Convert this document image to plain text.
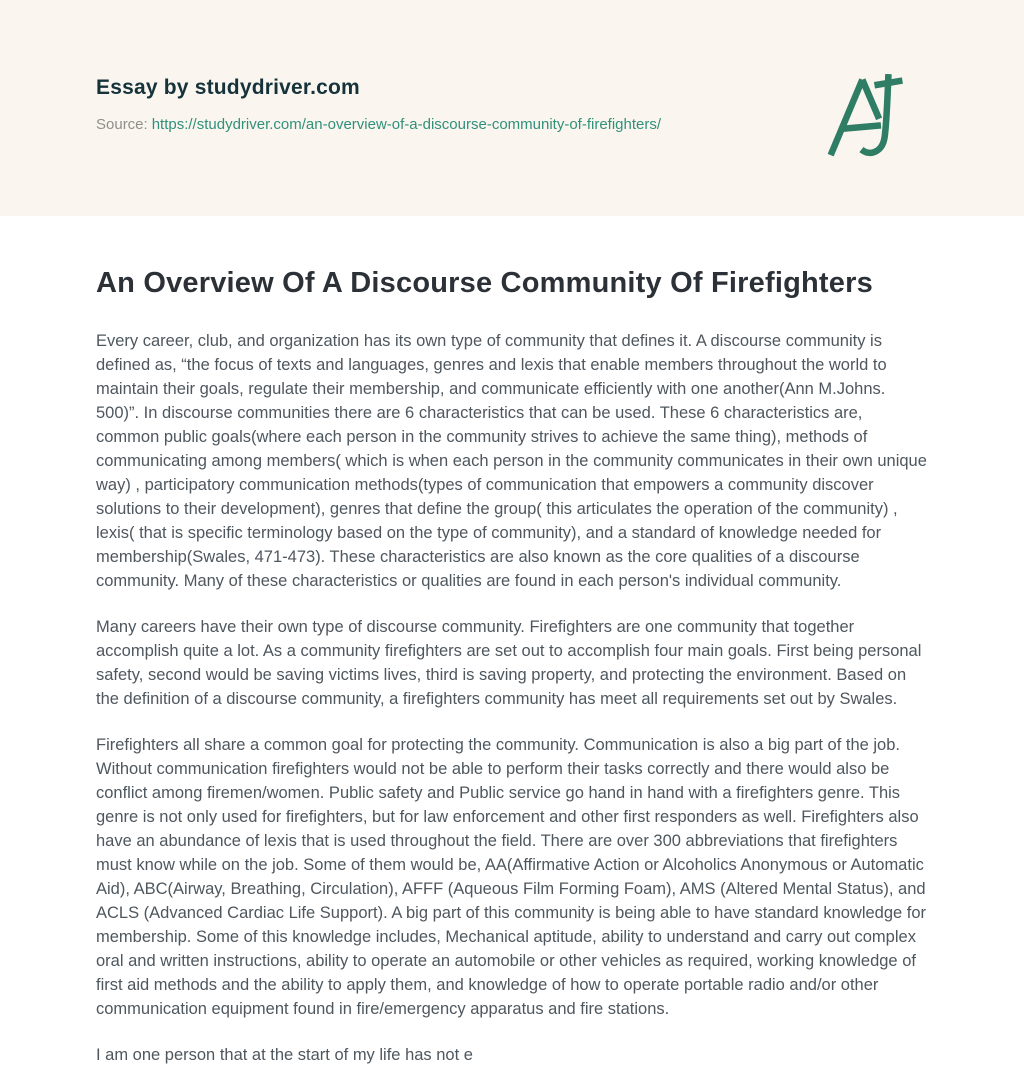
Essay by studydriver.com

Source: https://studydriver.com/an-overview-of-a-discourse-community-of-firefighters/

An Overview Of A Discourse Community Of Firefighters

Every career, club, and organization has its own type of community that defines it. A discourse community is defined as, “the focus of texts and languages, genres and lexis that enable members throughout the world to maintain their goals, regulate their membership, and communicate efficiently with one another(Ann M.Johns. 500)”. In discourse communities there are 6 characteristics that can be used. These 6 characteristics are, common public goals(where each person in the community strives to achieve the same thing), methods of communicating among members( which is when each person in the community communicates in their own unique way) , participatory communication methods(types of communication that empowers a community discover solutions to their development), genres that define the group( this articulates the operation of the community) , lexis( that is specific terminology based on the type of community), and a standard of knowledge needed for membership(Swales, 471-473). These characteristics are also known as the core qualities of a discourse community. Many of these characteristics or qualities are found in each person's individual community.

Many careers have their own type of discourse community. Firefighters are one community that together accomplish quite a lot. As a community firefighters are set out to accomplish four main goals. First being personal safety, second would be saving victims lives, third is saving property, and protecting the environment. Based on the definition of a discourse community, a firefighters community has meet all requirements set out by Swales.

Firefighters all share a common goal for protecting the community. Communication is also a big part of the job. Without communication firefighters would not be able to perform their tasks correctly and there would also be conflict among firemen/women. Public safety and Public service go hand in hand with a firefighters genre. This genre is not only used for firefighters, but for law enforcement and other first responders as well. Firefighters also have an abundance of lexis that is used throughout the field. There are over 300 abbreviations that firefighters must know while on the job. Some of them would be, AA(Affirmative Action or Alcoholics Anonymous or Automatic Aid), ABC(Airway, Breathing, Circulation), AFFF (Aqueous Film Forming Foam), AMS (Altered Mental Status), and ACLS (Advanced Cardiac Life Support). A big part of this community is being able to have standard knowledge for membership. Some of this knowledge includes, Mechanical aptitude, ability to understand and carry out complex oral and written instructions, ability to operate an automobile or other vehicles as required, working knowledge of first aid methods and the ability to apply them, and knowledge of how to operate portable radio and/or other communication equipment found in fire/emergency apparatus and fire stations.

I am one person that at the start of my life has not e
